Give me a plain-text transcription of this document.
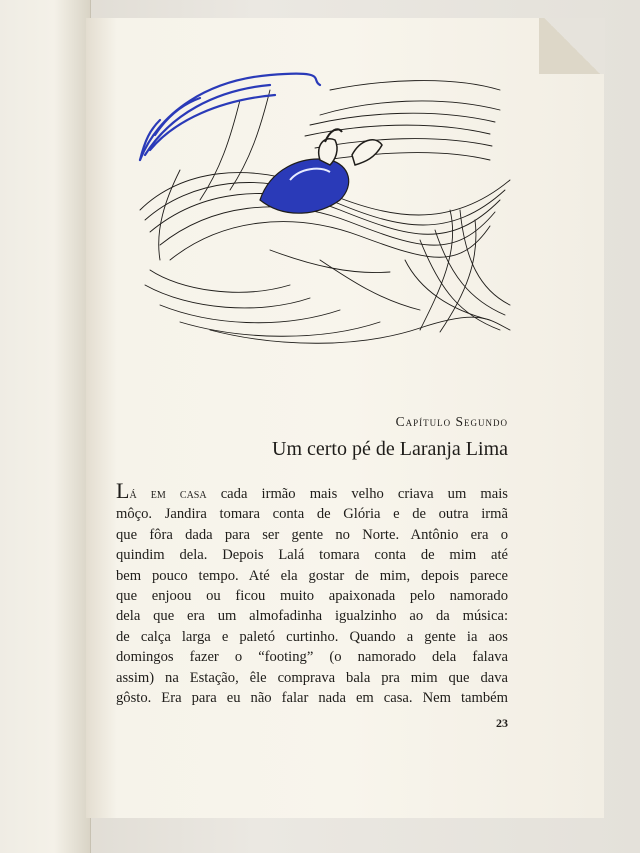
Capítulo Segundo
Um certo pé de Laranja Lima
Lá em casa cada irmão mais velho criava um mais
môço. Jandira tomara conta de Glória e de outra irmã
que fôra dada para ser gente no Norte. Antônio era o
quindim dela. Depois Lalá tomara conta de mim até
bem pouco tempo. Até ela gostar de mim, depois parece
que enjoou ou ficou muito apaixonada pelo namorado
dela que era um almofadinha igualzinho ao da música:
de calça larga e paletó curtinho. Quando a gente ia aos
domingos fazer o “footing” (o namorado dela falava
assim) na Estação, êle comprava bala pra mim que dava
gôsto. Era para eu não falar nada em casa. Nem também
23
